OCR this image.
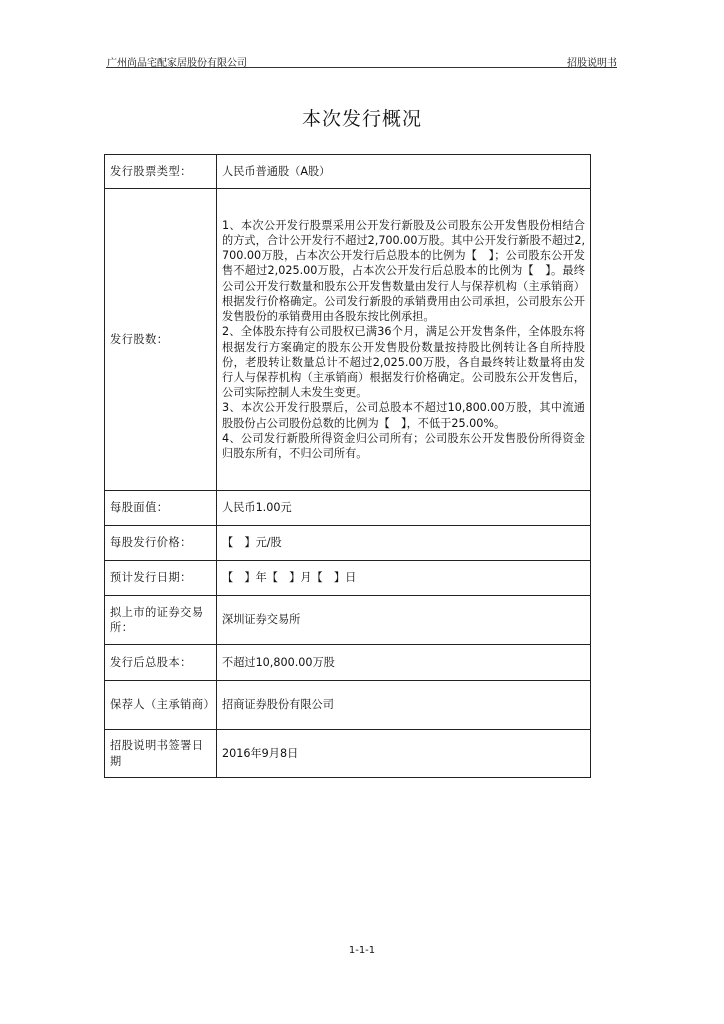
广州尚品宅配家居股份有限公司	招股说明书
本次发行概况
发行股票类型：	人民币普通股（A股）
发行股数：	1、本次公开发行股票采用公开发行新股及公司股东公开发售股份相结合的方式，合计公开发行不超过2,700.00万股。其中公开发行新股不超过2,700.00万股，占本次公开发行后总股本的比例为【　】；公司股东公开发售不超过2,025.00万股，占本次公开发行后总股本的比例为【　】。最终公司公开发行数量和股东公开发售数量由发行人与保荐机构（主承销商）根据发行价格确定。公司发行新股的承销费用由公司承担，公司股东公开发售股份的承销费用由各股东按比例承担。

2、全体股东持有公司股权已满36个月，满足公开发售条件，全体股东将根据发行方案确定的股东公开发售股份数量按持股比例转让各自所持股份，老股转让数量总计不超过2,025.00万股，各自最终转让数量将由发行人与保荐机构（主承销商）根据发行价格确定。公司股东公开发售后，公司实际控制人未发生变更。

3、本次公开发行股票后，公司总股本不超过10,800.00万股，其中流通股股份占公司股份总数的比例为【　】，不低于25.00%。

4、公司发行新股所得资金归公司所有；公司股东公开发售股份所得资金归股东所有，不归公司所有。

每股面值：	人民币1.00元
每股发行价格：	【　】元/股
预计发行日期：	【　】年【　】月【　】日
拟上市的证券交易所：	深圳证券交易所
发行后总股本：	不超过10,800.00万股
保荐人（主承销商）	招商证券股份有限公司
招股说明书签署日期	2016年9月8日
1-1-1
